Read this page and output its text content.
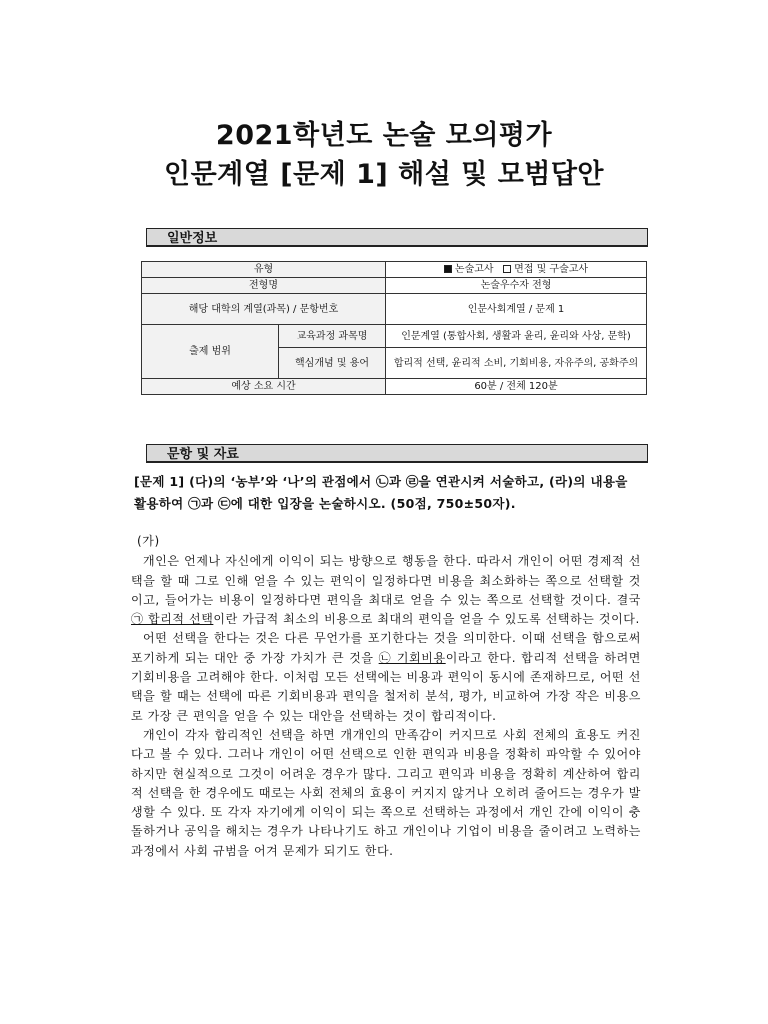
2021학년도 논술 모의평가
인문계열 [문제 1] 해설 및 모범답안
일반정보
유형		논술고사 면접 및 구술고사
전형명		논술우수자 전형
해당 대학의 계열(과목) / 문항번호		인문사회계열 / 문제 1
출제 범위	교육과정 과목명	인문계열 (통합사회, 생활과 윤리, 윤리와 사상, 문학)
	핵심개념 및 용어	합리적 선택, 윤리적 소비, 기회비용, 자유주의, 공화주의
예상 소요 시간		60분 / 전체 120분
문항 및 자료

[문제 1] (다)의 ‘농부’와 ‘나’의 관점에서 ㉡과 ㉣을 연관시켜 서술하고, (라)의 내용을 활용하여 ㉠과 ㉢에 대한 입장을 논술하시오. (50점, 750±50자).

(가)

개인은 언제나 자신에게 이익이 되는 방향으로 행동을 한다. 따라서 개인이 어떤 경제적 선택을 할 때 그로 인해 얻을 수 있는 편익이 일정하다면 비용을 최소화하는 쪽으로 선택할 것이고, 들어가는 비용이 일정하다면 편익을 최대로 얻을 수 있는 쪽으로 선택할 것이다. 결국 ㉠ 합리적 선택이란 가급적 최소의 비용으로 최대의 편익을 얻을 수 있도록 선택하는 것이다.

어떤 선택을 한다는 것은 다른 무언가를 포기한다는 것을 의미한다. 이때 선택을 함으로써 포기하게 되는 대안 중 가장 가치가 큰 것을 ㉡ 기회비용이라고 한다. 합리적 선택을 하려면 기회비용을 고려해야 한다. 이처럼 모든 선택에는 비용과 편익이 동시에 존재하므로, 어떤 선택을 할 때는 선택에 따른 기회비용과 편익을 철저히 분석, 평가, 비교하여 가장 작은 비용으로 가장 큰 편익을 얻을 수 있는 대안을 선택하는 것이 합리적이다.

개인이 각자 합리적인 선택을 하면 개개인의 만족감이 커지므로 사회 전체의 효용도 커진다고 볼 수 있다. 그러나 개인이 어떤 선택으로 인한 편익과 비용을 정확히 파악할 수 있어야 하지만 현실적으로 그것이 어려운 경우가 많다. 그리고 편익과 비용을 정확히 계산하여 합리적 선택을 한 경우에도 때로는 사회 전체의 효용이 커지지 않거나 오히려 줄어드는 경우가 발생할 수 있다. 또 각자 자기에게 이익이 되는 쪽으로 선택하는 과정에서 개인 간에 이익이 충돌하거나 공익을 해치는 경우가 나타나기도 하고 개인이나 기업이 비용을 줄이려고 노력하는 과정에서 사회 규범을 어겨 문제가 되기도 한다.
